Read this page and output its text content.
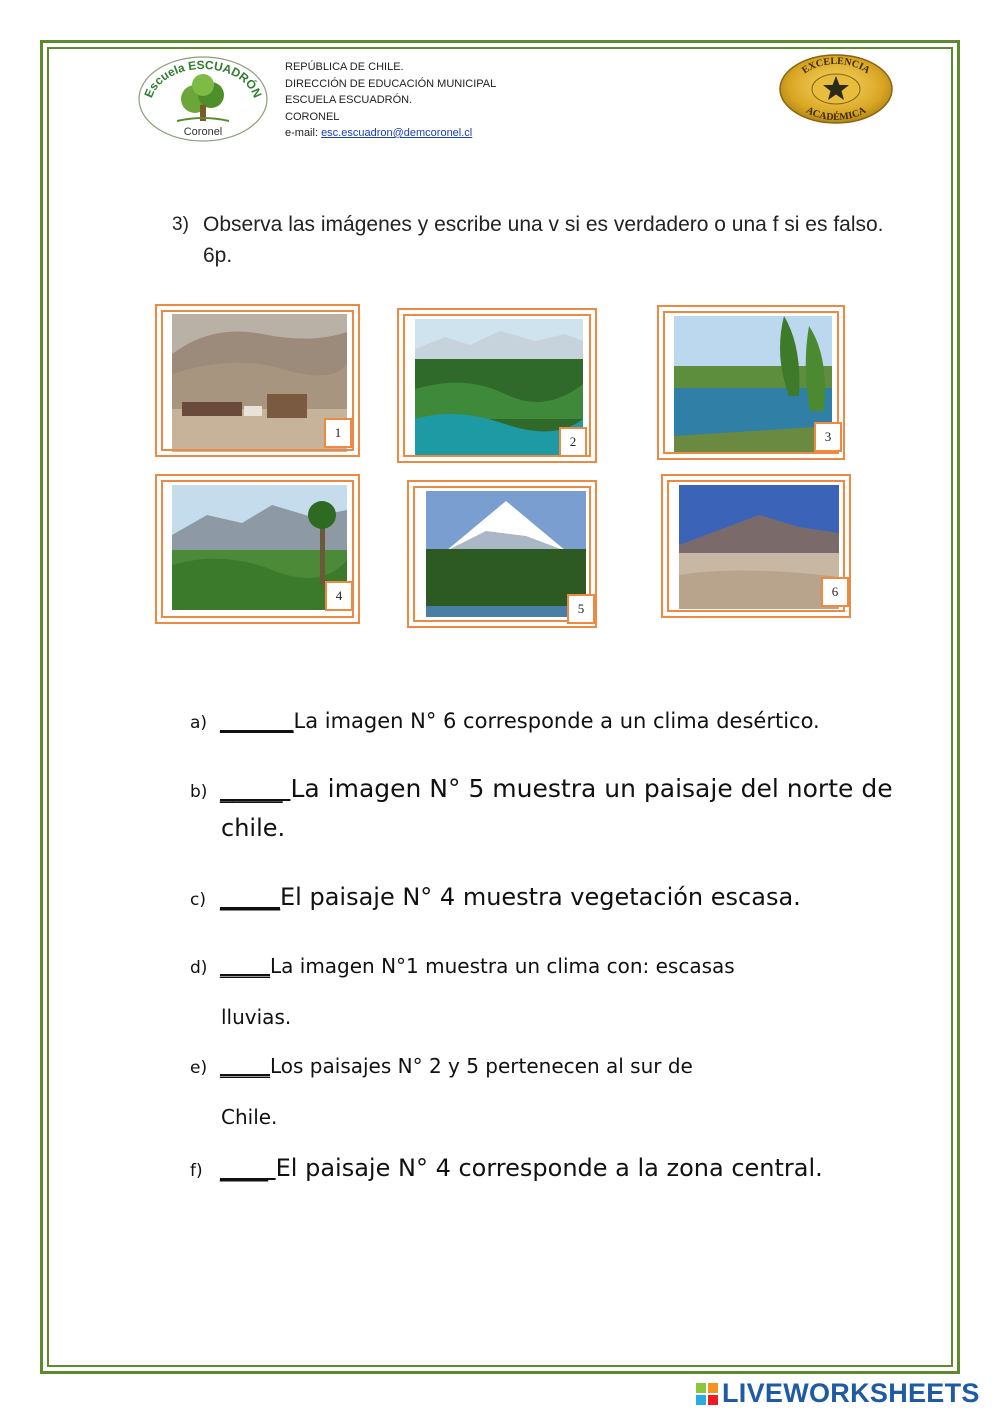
Escuela ESCUADRÓN
Coronel
REPÚBLICA DE CHILE.
DIRECCIÓN DE EDUCACIÓN MUNICIPAL
ESCUELA ESCUADRÓN.
CORONEL
e-mail: esc.escuadron@demcoronel.cl
EXCELENCIA
ACADÉMICA
3) Observa las imágenes y escribe una v si es verdadero o una f si es falso. 6p.
1
2	3
4
5
6
a) _______La imagen N° 6 corresponde a un clima desértico.
b) _____ La imagen N° 5 muestra un paisaje del norte de
chile.
c) _____El paisaje N° 4 muestra vegetación escasa.
d) _____La imagen N°1 muestra un clima con: escasas
lluvias.
e) _____Los paisajes N° 2 y 5 pertenecen al sur de
Chile.
f) ____ El paisaje N° 4 corresponde a la zona central.
LIVEWORKSHEETS
